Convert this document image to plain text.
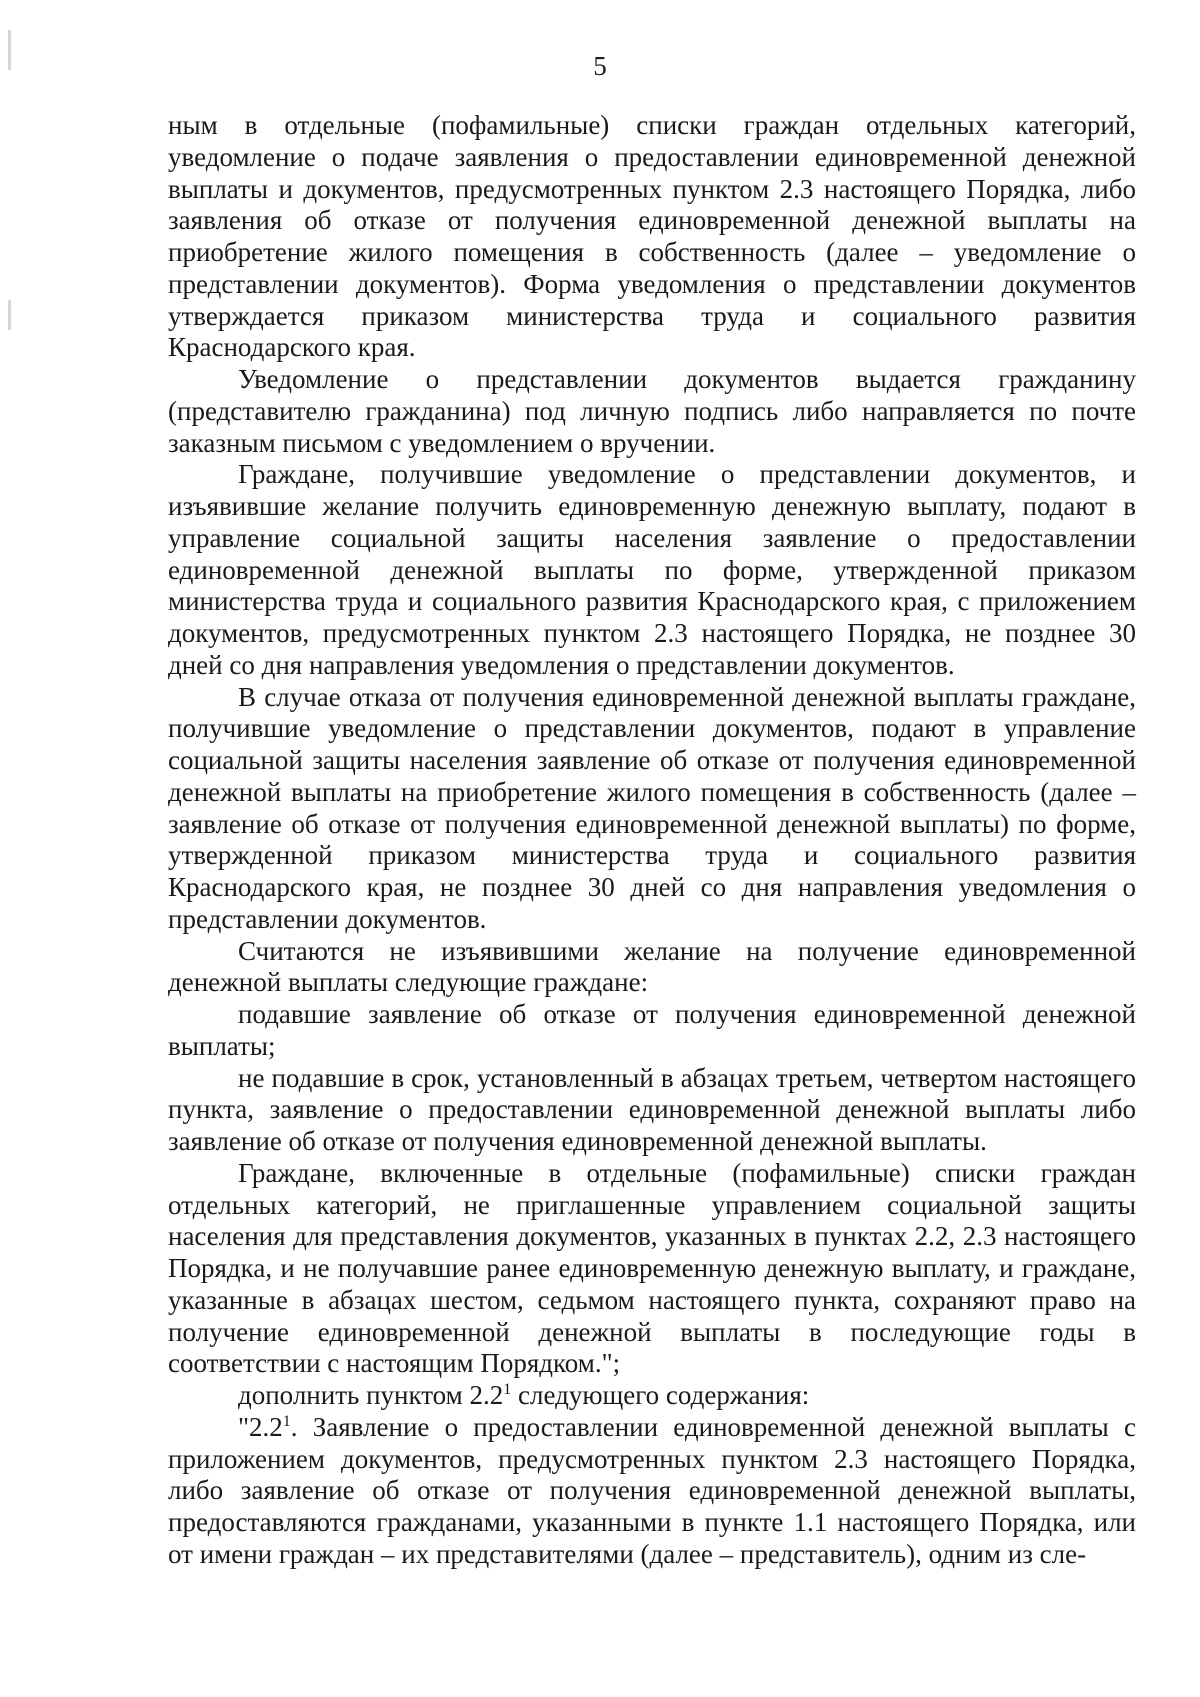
5

ным в отдельные (пофамильные) списки граждан отдельных категорий, уведомление о подаче заявления о предоставлении единовременной денежной выплаты и документов, предусмотренных пунктом 2.3 настоящего Порядка, либо заявления об отказе от получения единовременной денежной выплаты на приобретение жилого помещения в собственность (далее – уведомление о представлении документов). Форма уведомления о представлении документов утверждается приказом министерства труда и социального развития Краснодарского края.

Уведомление о представлении документов выдается гражданину (представителю гражданина) под личную подпись либо направляется по почте заказным письмом с уведомлением о вручении.

Граждане, получившие уведомление о представлении документов, и изъявившие желание получить единовременную денежную выплату, подают в управление социальной защиты населения заявление о предоставлении единовременной денежной выплаты по форме, утвержденной приказом министерства труда и социального развития Краснодарского края, с приложением документов, предусмотренных пунктом 2.3 настоящего Порядка, не позднее 30 дней со дня направления уведомления о представлении документов.

В случае отказа от получения единовременной денежной выплаты граждане, получившие уведомление о представлении документов, подают в управление социальной защиты населения заявление об отказе от получения единовременной денежной выплаты на приобретение жилого помещения в собственность (далее – заявление об отказе от получения единовременной денежной выплаты) по форме, утвержденной приказом министерства труда и социального развития Краснодарского края, не позднее 30 дней со дня направления уведомления о представлении документов.

Считаются не изъявившими желание на получение единовременной денежной выплаты следующие граждане:

подавшие заявление об отказе от получения единовременной денежной выплаты;

не подавшие в срок, установленный в абзацах третьем, четвертом настоящего пункта, заявление о предоставлении единовременной денежной выплаты либо заявление об отказе от получения единовременной денежной выплаты.

Граждане, включенные в отдельные (пофамильные) списки граждан отдельных категорий, не приглашенные управлением социальной защиты населения для представления документов, указанных в пунктах 2.2, 2.3 настоящего Порядка, и не получавшие ранее единовременную денежную выплату, и граждане, указанные в абзацах шестом, седьмом настоящего пункта, сохраняют право на получение единовременной денежной выплаты в последующие годы в соответствии с настоящим Порядком.";

дополнить пунктом $2.2^1$ следующего содержания:

"$2.2^1$. Заявление о предоставлении единовременной денежной выплаты с приложением документов, предусмотренных пунктом 2.3 настоящего Порядка, либо заявление об отказе от получения единовременной денежной выплаты, предоставляются гражданами, указанными в пункте 1.1 настоящего Порядка, или от имени граждан – их представителями (далее – представитель), одним из сле-
